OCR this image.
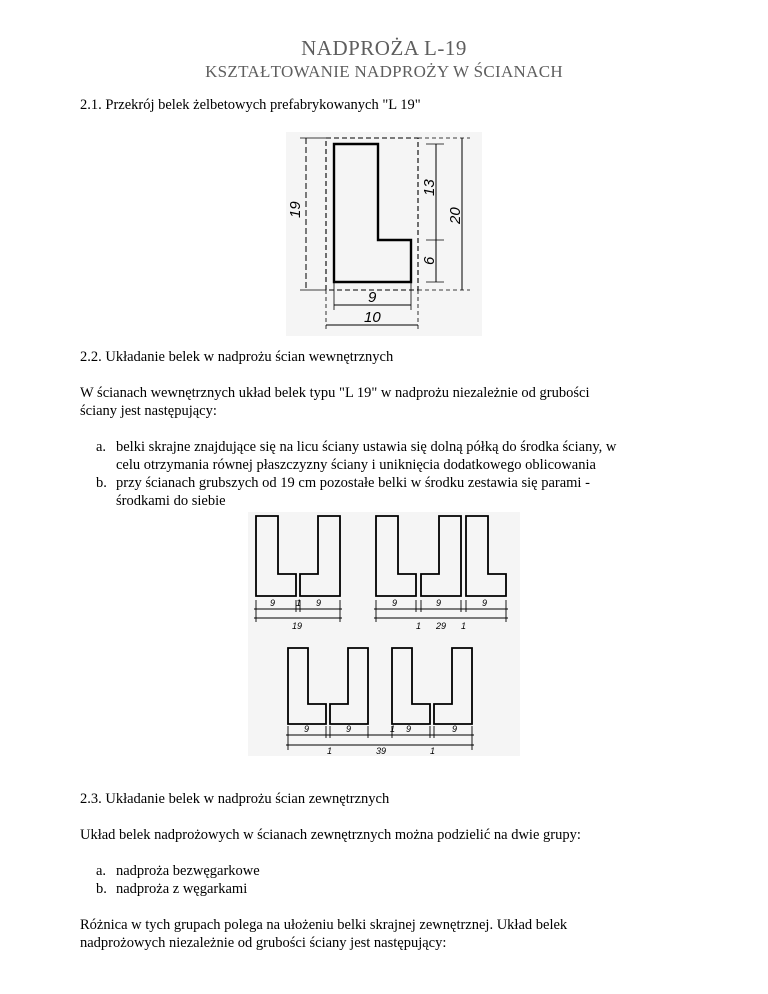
NADPROŻA L-19
KSZTAŁTOWANIE NADPROŻY W ŚCIANACH
2.1. Przekrój belek żelbetowych prefabrykowanych "L 19"
19
13
6
20
9
10
2.2. Układanie belek w nadprożu ścian wewnętrznych
W ścianach wewnętrznych układ belek typu "L 19" w nadprożu niezależnie od grubości
ściany jest następujący:
a. belki skrajne znajdujące się na licu ściany ustawia się dolną półką do środka ściany, w
celu otrzymania równej płaszczyzny ściany i uniknięcia dodatkowego oblicowania
b. przy ścianach grubszych od 19 cm pozostałe belki w środku zestawia się parami -
środkami do siebie
9 1 9
19
9	9	9
1 29 1
9	9	1 9	9
1	39	1
2.3. Układanie belek w nadprożu ścian zewnętrznych
Układ belek nadprożowych w ścianach zewnętrznych można podzielić na dwie grupy:
a. nadproża bezwęgarkowe
b. nadproża z węgarkami
Różnica w tych grupach polega na ułożeniu belki skrajnej zewnętrznej. Układ belek
nadprożowych niezależnie od grubości ściany jest następujący:
